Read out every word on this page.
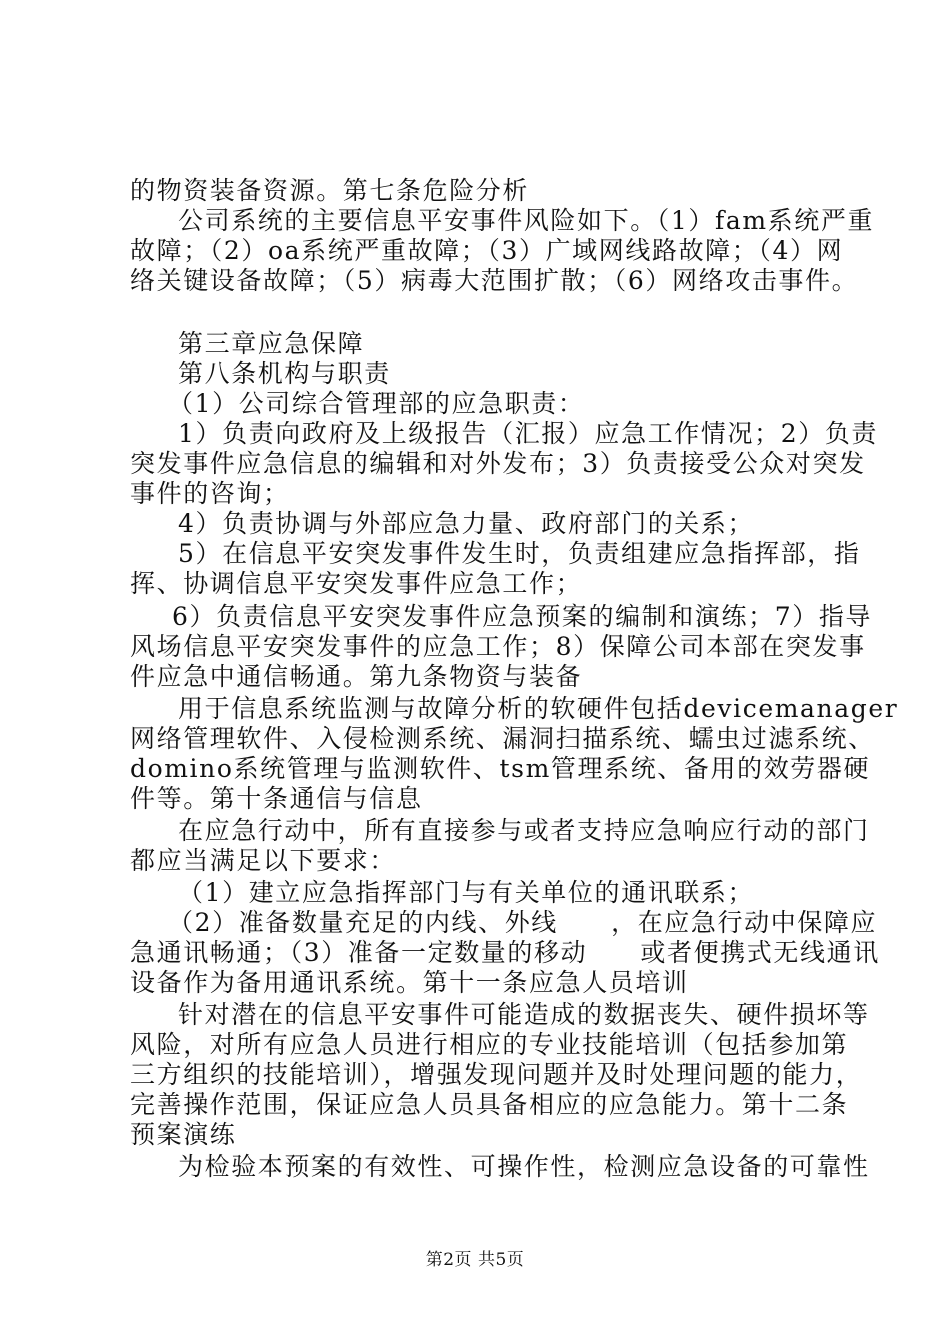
的物资装备资源。第七条危险分析
公司系统的主要信息平安事件风险如下。（1）fam系统严重
故障；（2）oa系统严重故障；（3）广域网线路故障；（4）网
络关键设备故障；（5）病毒大范围扩散；（6）网络攻击事件。
第三章应急保障
第八条机构与职责
（1）公司综合管理部的应急职责：
1）负责向政府及上级报告（汇报）应急工作情况；2）负责
突发事件应急信息的编辑和对外发布；3）负责接受公众对突发
事件的咨询；
4）负责协调与外部应急力量、政府部门的关系；
5）在信息平安突发事件发生时，负责组建应急指挥部，指
挥、协调信息平安突发事件应急工作；
6）负责信息平安突发事件应急预案的编制和演练；7）指导
风场信息平安突发事件的应急工作；8）保障公司本部在突发事
件应急中通信畅通。第九条物资与装备
用于信息系统监测与故障分析的软硬件包括devicemanager
网络管理软件、入侵检测系统、漏洞扫描系统、蠕虫过滤系统、
domino系统管理与监测软件、tsm管理系统、备用的效劳器硬
件等。第十条通信与信息
在应急行动中，所有直接参与或者支持应急响应行动的部门
都应当满足以下要求：
（1）建立应急指挥部门与有关单位的通讯联系；
（2）准备数量充足的内线、外线　　，在应急行动中保障应
急通讯畅通；（3）准备一定数量的移动　　或者便携式无线通讯
设备作为备用通讯系统。第十一条应急人员培训
针对潜在的信息平安事件可能造成的数据丧失、硬件损坏等
风险，对所有应急人员进行相应的专业技能培训（包括参加第
三方组织的技能培训），增强发现问题并及时处理问题的能力，
完善操作范围，保证应急人员具备相应的应急能力。第十二条
预案演练
为检验本预案的有效性、可操作性，检测应急设备的可靠性
第2页 共5页
